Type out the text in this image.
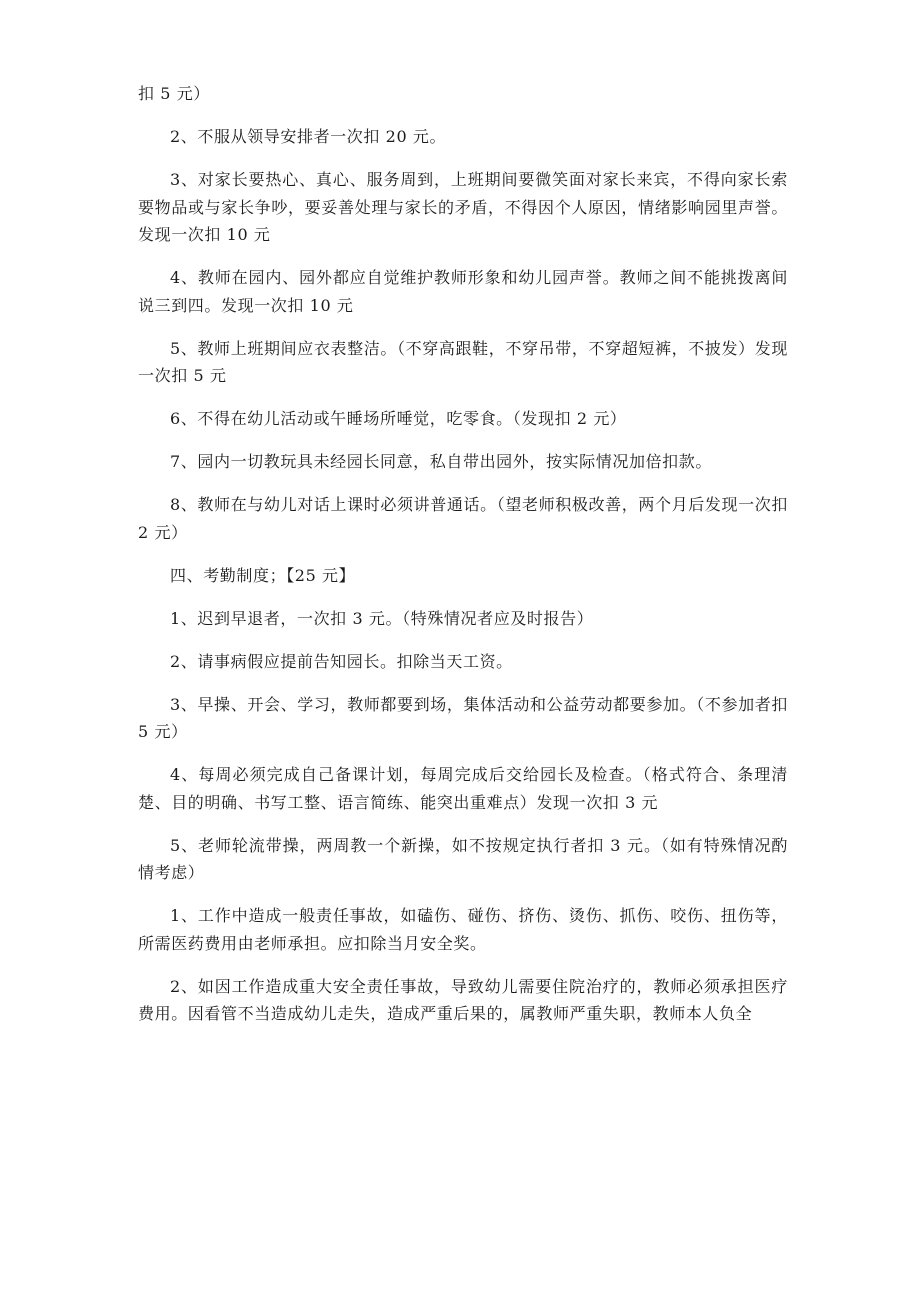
扣 5 元）

2、不服从领导安排者一次扣 20 元。

3、对家长要热心、真心、服务周到，上班期间要微笑面对家长来宾，不得向家长索要物品或与家长争吵，要妥善处理与家长的矛盾，不得因个人原因，情绪影响园里声誉。发现一次扣 10 元

4、教师在园内、园外都应自觉维护教师形象和幼儿园声誉。教师之间不能挑拨离间说三到四。发现一次扣 10 元

5、教师上班期间应衣表整洁。（不穿高跟鞋，不穿吊带，不穿超短裤，不披发）发现一次扣 5 元

6、不得在幼儿活动或午睡场所唾觉，吃零食。（发现扣 2 元）

7、园内一切教玩具未经园长同意，私自带出园外，按实际情况加倍扣款。

8、教师在与幼儿对话上课时必须讲普通话。（望老师积极改善，两个月后发现一次扣 2 元）

四、考勤制度；【25 元】

1、迟到早退者，一次扣 3 元。（特殊情况者应及时报告）

2、请事病假应提前告知园长。扣除当天工资。

3、早操、开会、学习，教师都要到场，集体活动和公益劳动都要参加。（不参加者扣 5 元）

4、每周必须完成自己备课计划，每周完成后交给园长及检查。（格式符合、条理清楚、目的明确、书写工整、语言简练、能突出重难点）发现一次扣 3 元

5、老师轮流带操，两周教一个新操，如不按规定执行者扣 3 元。（如有特殊情况酌情考虑）

1、工作中造成一般责任事故，如磕伤、碰伤、挤伤、烫伤、抓伤、咬伤、扭伤等，所需医药费用由老师承担。应扣除当月安全奖。

2、如因工作造成重大安全责任事故，导致幼儿需要住院治疗的，教师必须承担医疗费用。因看管不当造成幼儿走失，造成严重后果的，属教师严重失职，教师本人负全
